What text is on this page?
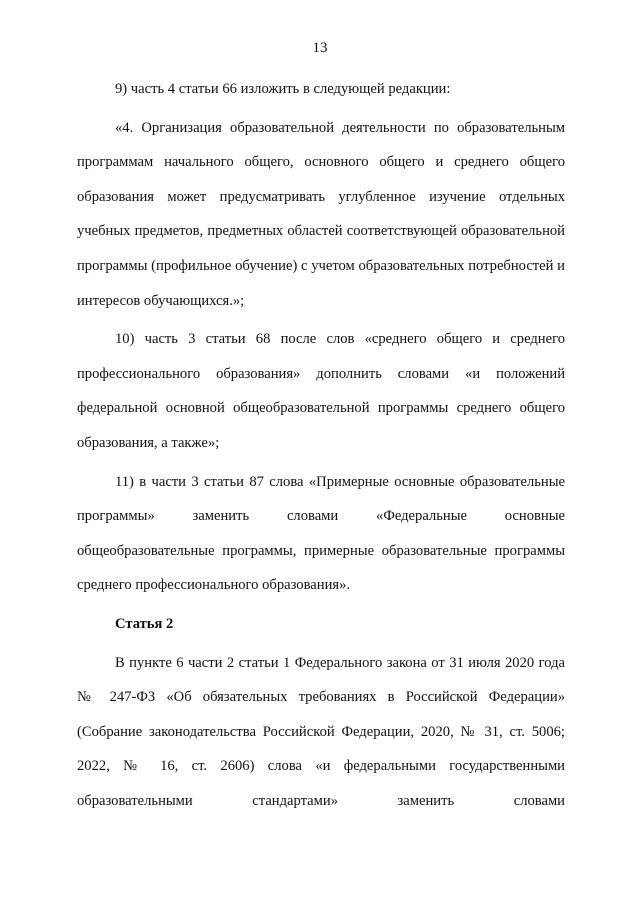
13

9) часть 4 статьи 66 изложить в следующей редакции:

«4. Организация образовательной деятельности по образовательным программам начального общего, основного общего и среднего общего образования может предусматривать углубленное изучение отдельных учебных предметов, предметных областей соответствующей образовательной программы (профильное обучение) с учетом образовательных потребностей и интересов обучающихся.»;

10) часть 3 статьи 68 после слов «среднего общего и среднего профессионального образования» дополнить словами «и положений федеральной основной общеобразовательной программы среднего общего образования, а также»;

11) в части 3 статьи 87 слова «Примерные основные образовательные программы» заменить словами «Федеральные основные общеобразовательные программы, примерные образовательные программы среднего профессионального образования».

Статья 2

В пункте 6 части 2 статьи 1 Федерального закона от 31 июля 2020 года № 247-ФЗ «Об обязательных требованиях в Российской Федерации» (Собрание законодательства Российской Федерации, 2020, № 31, ст. 5006; 2022, № 16, ст. 2606) слова «и федеральными государственными образовательными стандартами» заменить словами
